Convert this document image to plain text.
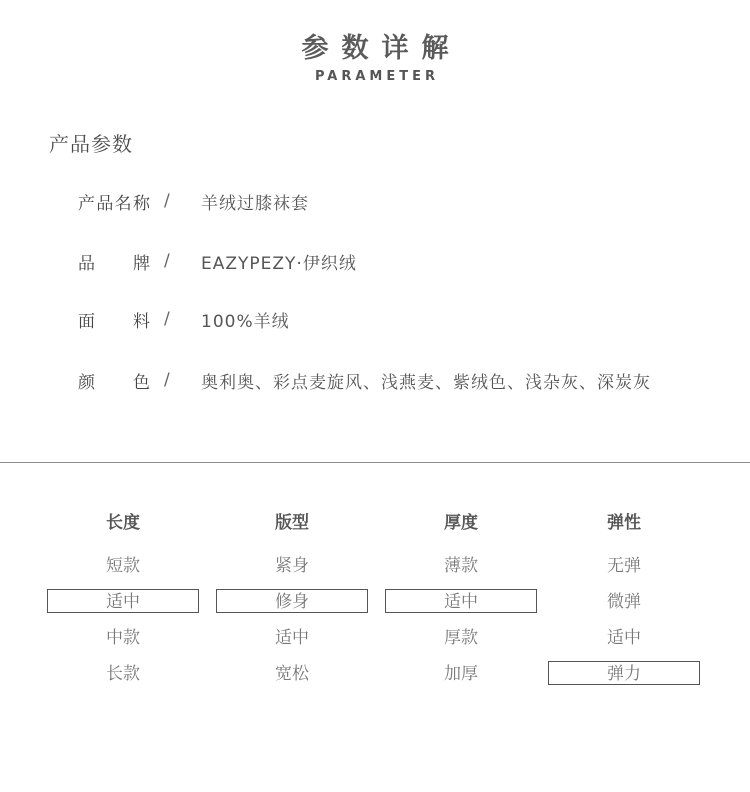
参数详解
PARAMETER
产品参数
产 品 名 称 / 羊绒过膝袜套
品 牌 / EAZYPEZY·伊织绒
面 料 / 100%羊绒
颜 色 / 奥利奥、彩点麦旋风、浅燕麦、紫绒色、浅杂灰、深炭灰
长度
短款
适中
中款
长款
版型
紧身
修身
适中
宽松
厚度
薄款
适中
厚款
加厚
弹性
无弹
微弹
适中
弹力
